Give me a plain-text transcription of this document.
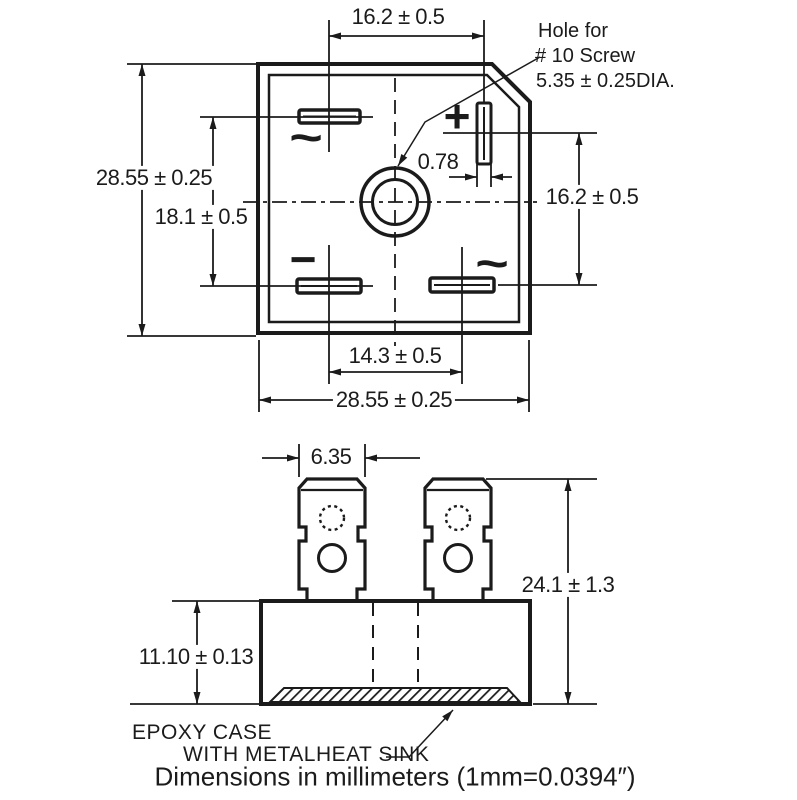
16.2 ± 0.5
Hole for
# 10 Screw
5.35 ± 0.25DIA.
28.55 ± 0.25
18.1 ± 0.5
16.2 ± 0.5
0.78
14.3 ± 0.5
28.55 ± 0.25
~	+
−	~
6.35
24.1 ± 1.3
11.10 ± 0.13
EPOXY CASE
WITH METALHEAT SINK
Dimensions in millimeters (1mm=0.0394″)
